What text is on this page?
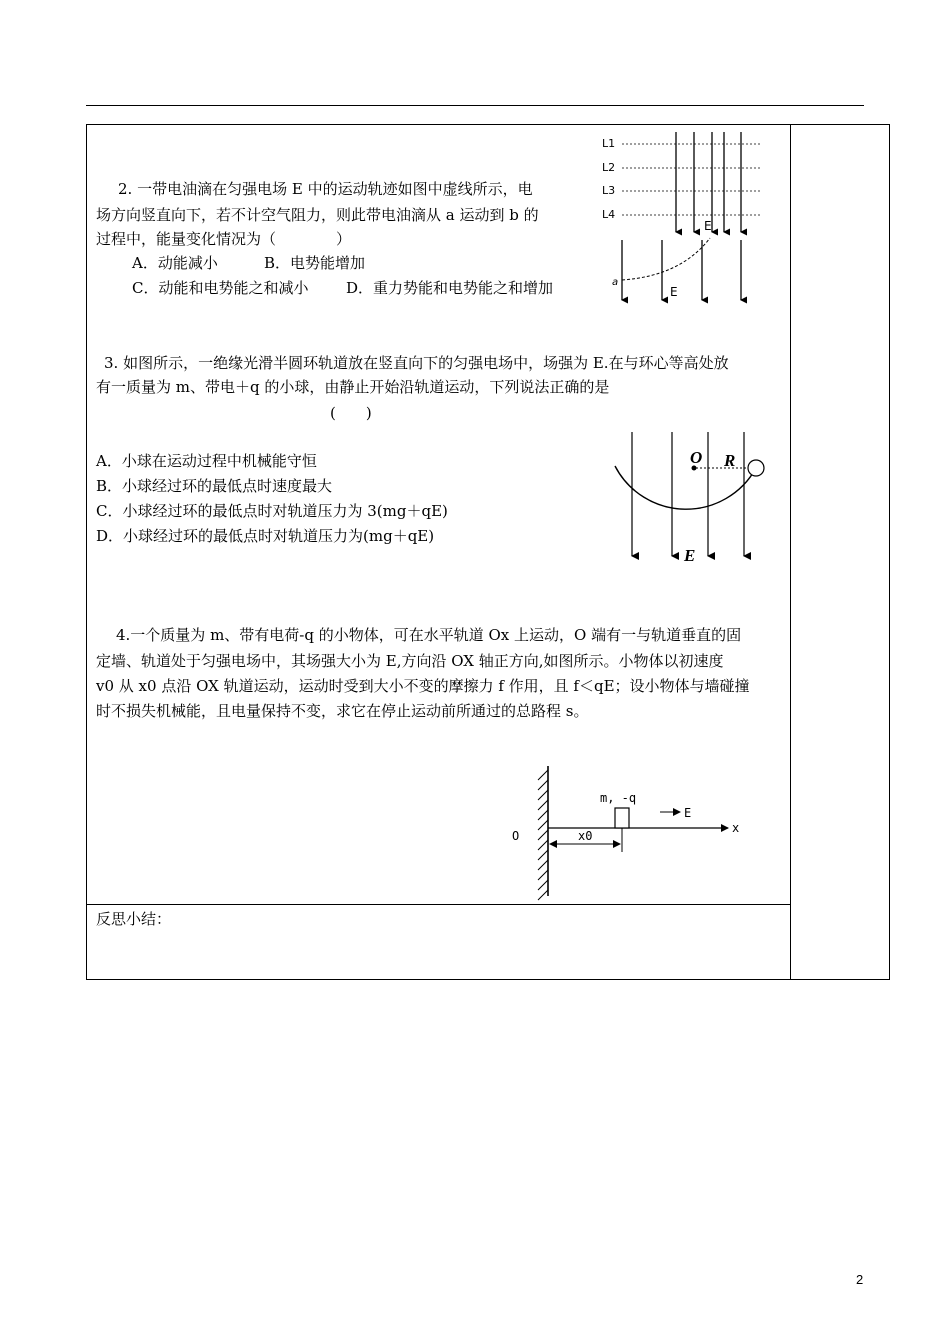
2. 一带电油滴在匀强电场 E 中的运动轨迹如图中虚线所示，电
场方向竖直向下，若不计空气阻力，则此带电油滴从 a 运动到 b 的
过程中，能量变化情况为（　　　　）
A．动能减小	B．电势能增加
C．动能和电势能之和减小	D．重力势能和电势能之和增加
L1
L2
L3
L4
E
E
a
3. 如图所示，一绝缘光滑半圆环轨道放在竖直向下的匀强电场中，场强为 E.在与环心等高处放
有一质量为 m、带电＋q 的小球，由静止开始沿轨道运动，下列说法正确的是
(　　)
A．小球在运动过程中机械能守恒
B．小球经过环的最低点时速度最大
C．小球经过环的最低点时对轨道压力为 3(mg＋qE)
D．小球经过环的最低点时对轨道压力为(mg＋qE)
O R
E
4.一个质量为 m、带有电荷-q 的小物体，可在水平轨道 Ox 上运动，O 端有一与轨道垂直的固
定墙、轨道处于匀强电场中，其场强大小为 E,方向沿 OX 轴正方向,如图所示。小物体以初速度
v0 从 x0 点沿 OX 轨道运动，运动时受到大小不变的摩擦力 f 作用，且 f＜qE；设小物体与墙碰撞
时不损失机械能，且电量保持不变，求它在停止运动前所通过的总路程 s。
O
m, -q
E
x0
x
反思小结：
2
